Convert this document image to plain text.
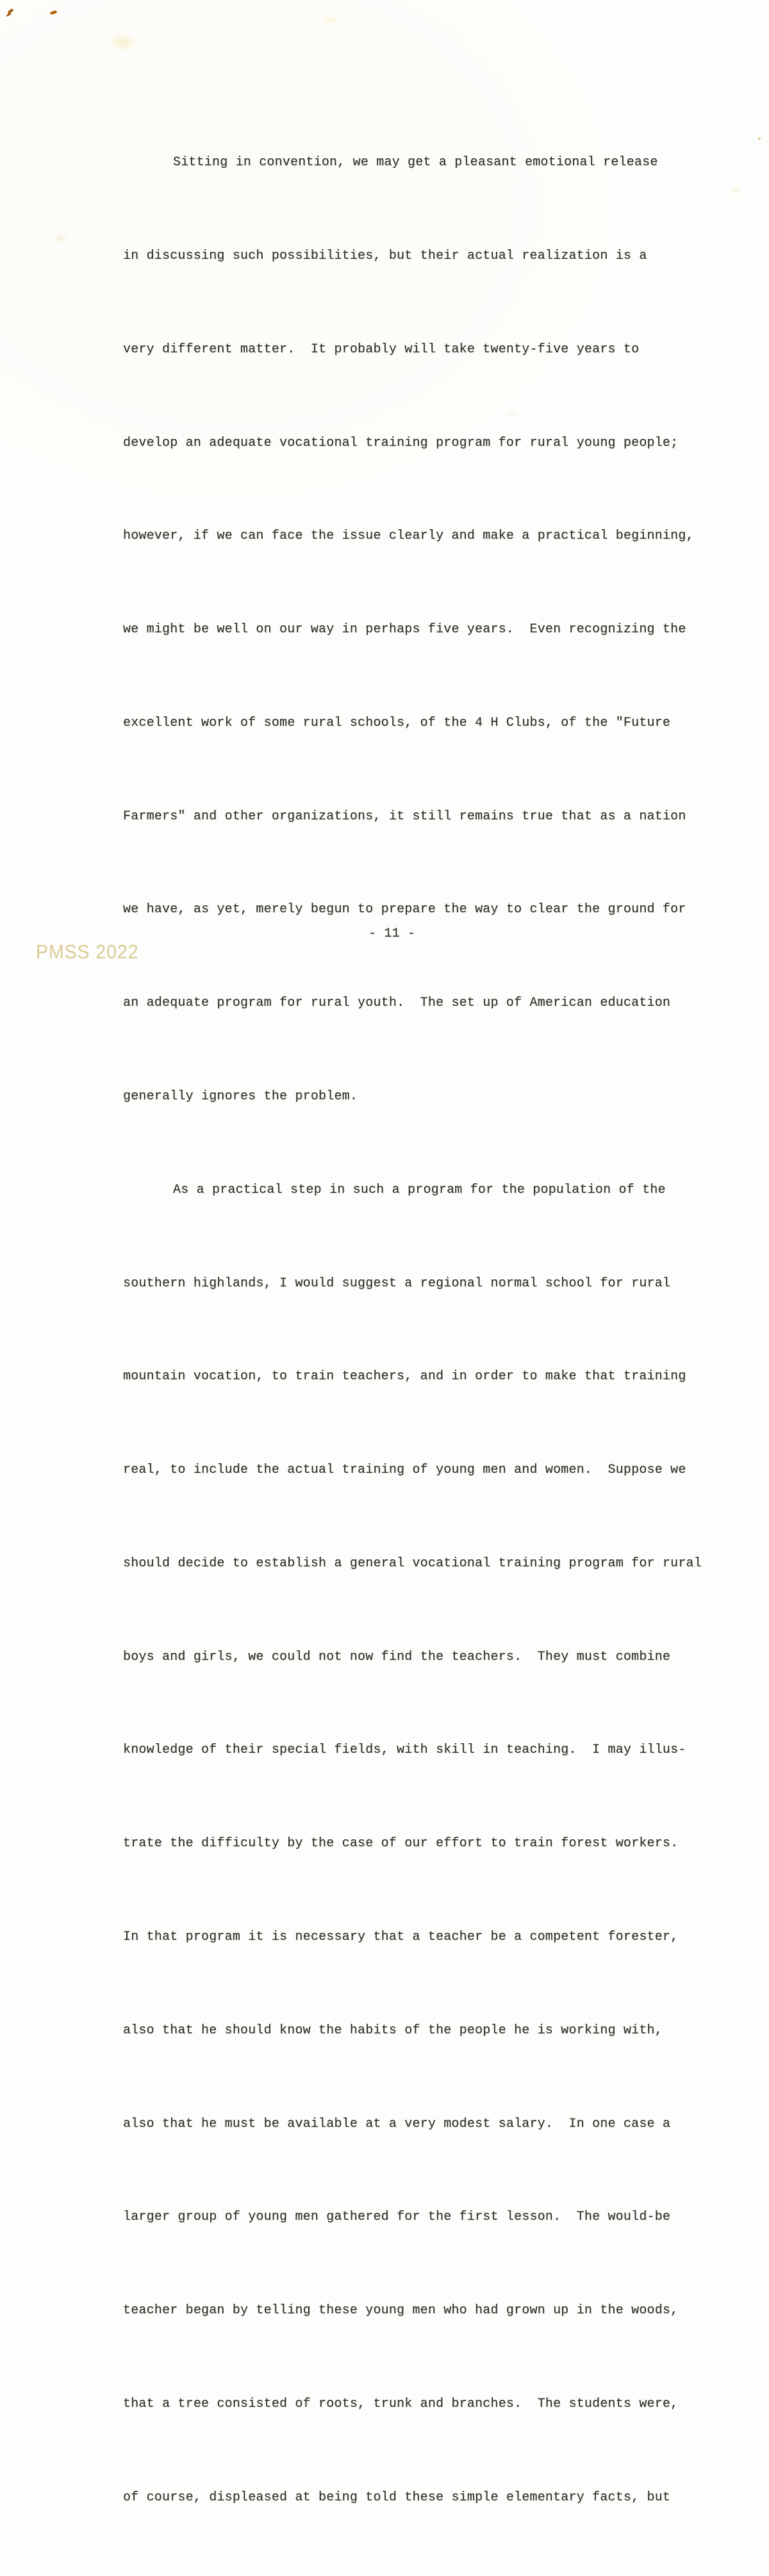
Sitting in convention, we may get a pleasant emotional release

in discussing such possibilities, but their actual realization is a

very different matter.  It probably will take twenty-five years to

develop an adequate vocational training program for rural young people;

however, if we can face the issue clearly and make a practical beginning,

we might be well on our way in perhaps five years.  Even recognizing the

excellent work of some rural schools, of the 4 H Clubs, of the "Future

Farmers" and other organizations, it still remains true that as a nation

we have, as yet, merely begun to prepare the way to clear the ground for

an adequate program for rural youth.  The set up of American education

generally ignores the problem.

As a practical step in such a program for the population of the

southern highlands, I would suggest a regional normal school for rural

mountain vocation, to train teachers, and in order to make that training

real, to include the actual training of young men and women.  Suppose we

should decide to establish a general vocational training program for rural

boys and girls, we could not now find the teachers.  They must combine

knowledge of their special fields, with skill in teaching.  I may illus-

trate the difficulty by the case of our effort to train forest workers.

In that program it is necessary that a teacher be a competent forester,

also that he should know the habits of the people he is working with,

also that he must be available at a very modest salary.  In one case a

larger group of young men gathered for the first lesson.  The would-be

teacher began by telling these young men who had grown up in the woods,

that a tree consisted of roots, trunk and branches.  The students were,

of course, displeased at being told these simple elementary facts, but

- 11 -
PMSS 2022
